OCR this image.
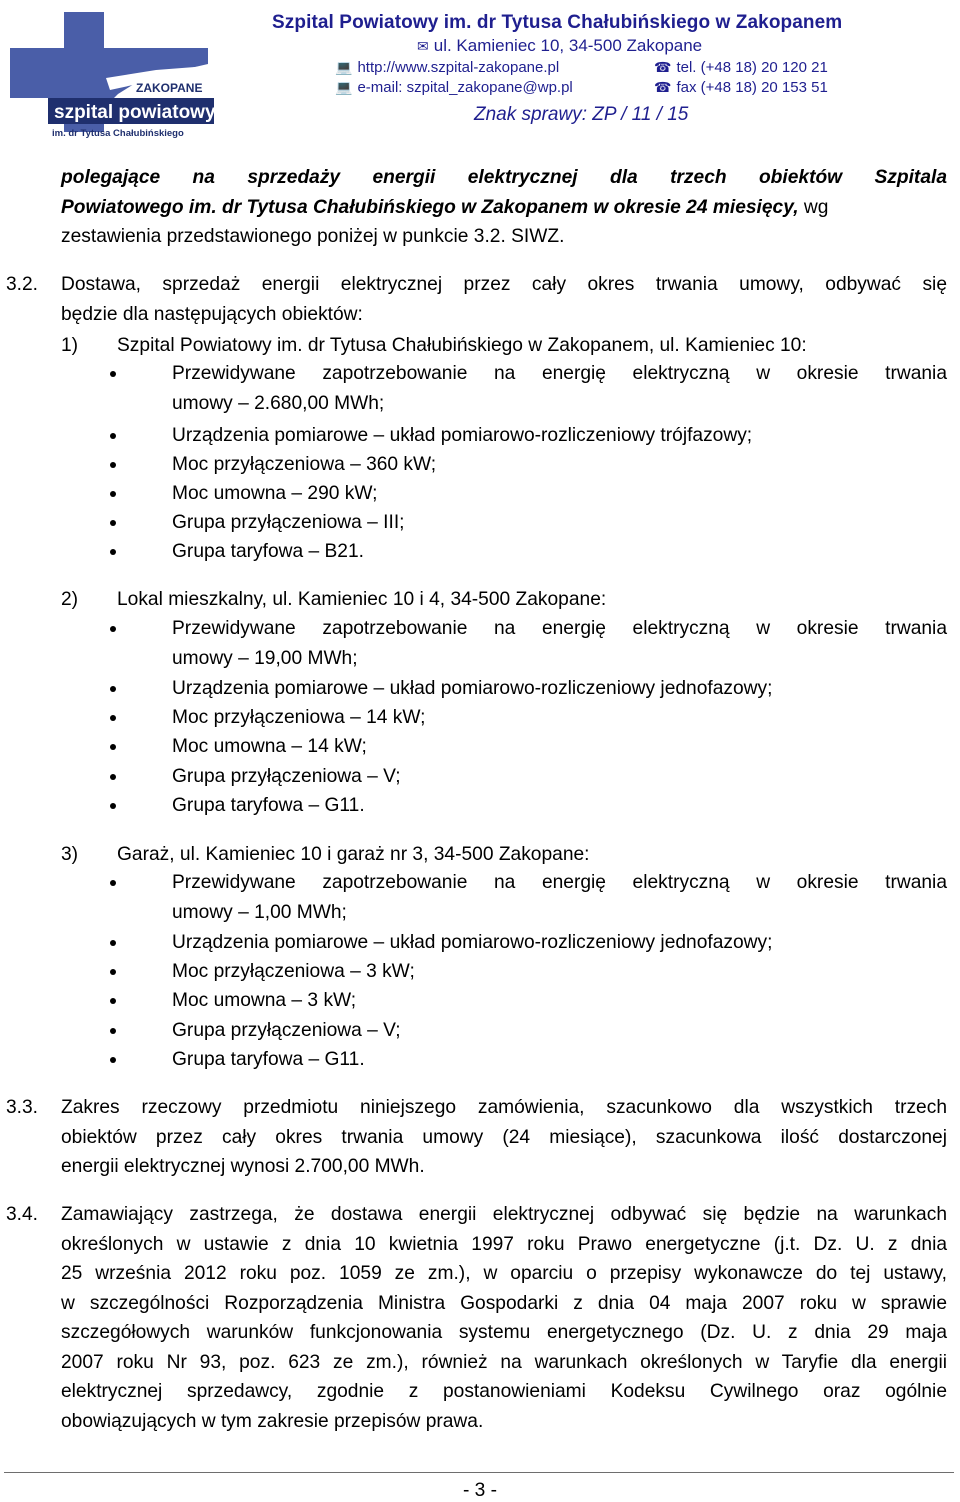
ZAKOPANE
szpital powiatowy
im. dr Tytusa Chałubińskiego
Szpital Powiatowy im. dr Tytusa Chałubińskiego w Zakopanem
✉ ul. Kamieniec 10, 34-500 Zakopane
💻 http://www.szpital-zakopane.pl	☎ tel. (+48 18) 20 120 21
💻 e-mail: szpital_zakopane@wp.pl	☎ fax (+48 18) 20 153 51
Znak sprawy: ZP / 11 / 15
polegające na sprzedaży energii elektrycznej dla trzech obiektów Szpitala
Powiatowego im. dr Tytusa Chałubińskiego w Zakopanem w okresie 24 miesięcy, wg
zestawienia przedstawionego poniżej w punkcie 3.2. SIWZ.
3.2. Dostawa, sprzedaż energii elektrycznej przez cały okres trwania umowy, odbywać się
będzie dla następujących obiektów:
1) Szpital Powiatowy im. dr Tytusa Chałubińskiego w Zakopanem, ul. Kamieniec 10:
Przewidywane zapotrzebowanie na energię elektryczną w okresie trwania
umowy – 2.680,00 MWh;
Urządzenia pomiarowe – układ pomiarowo-rozliczeniowy trójfazowy;
Moc przyłączeniowa – 360 kW;
Moc umowna – 290 kW;
Grupa przyłączeniowa – III;
Grupa taryfowa – B21.
2) Lokal mieszkalny, ul. Kamieniec 10 i 4, 34-500 Zakopane:
Przewidywane zapotrzebowanie na energię elektryczną w okresie trwania
umowy – 19,00 MWh;
Urządzenia pomiarowe – układ pomiarowo-rozliczeniowy jednofazowy;
Moc przyłączeniowa – 14 kW;
Moc umowna – 14 kW;
Grupa przyłączeniowa – V;
Grupa taryfowa – G11.
3) Garaż, ul. Kamieniec 10 i garaż nr 3, 34-500 Zakopane:
Przewidywane zapotrzebowanie na energię elektryczną w okresie trwania
umowy – 1,00 MWh;
Urządzenia pomiarowe – układ pomiarowo-rozliczeniowy jednofazowy;
Moc przyłączeniowa – 3 kW;
Moc umowna – 3 kW;
Grupa przyłączeniowa – V;
Grupa taryfowa – G11.
3.3. Zakres rzeczowy przedmiotu niniejszego zamówienia, szacunkowo dla wszystkich trzech
obiektów przez cały okres trwania umowy (24 miesiące), szacunkowa ilość dostarczonej
energii elektrycznej wynosi 2.700,00 MWh.
3.4. Zamawiający zastrzega, że dostawa energii elektrycznej odbywać się będzie na warunkach
określonych w ustawie z dnia 10 kwietnia 1997 roku Prawo energetyczne (j.t. Dz. U. z dnia
25 września 2012 roku poz. 1059 ze zm.), w oparciu o przepisy wykonawcze do tej ustawy,
w szczególności Rozporządzenia Ministra Gospodarki z dnia 04 maja 2007 roku w sprawie
szczegółowych warunków funkcjonowania systemu energetycznego (Dz. U. z dnia 29 maja
2007 roku Nr 93, poz. 623 ze zm.), również na warunkach określonych w Taryfie dla energii
elektrycznej sprzedawcy, zgodnie z postanowieniami Kodeksu Cywilnego oraz ogólnie
obowiązujących w tym zakresie przepisów prawa.
- 3 -
